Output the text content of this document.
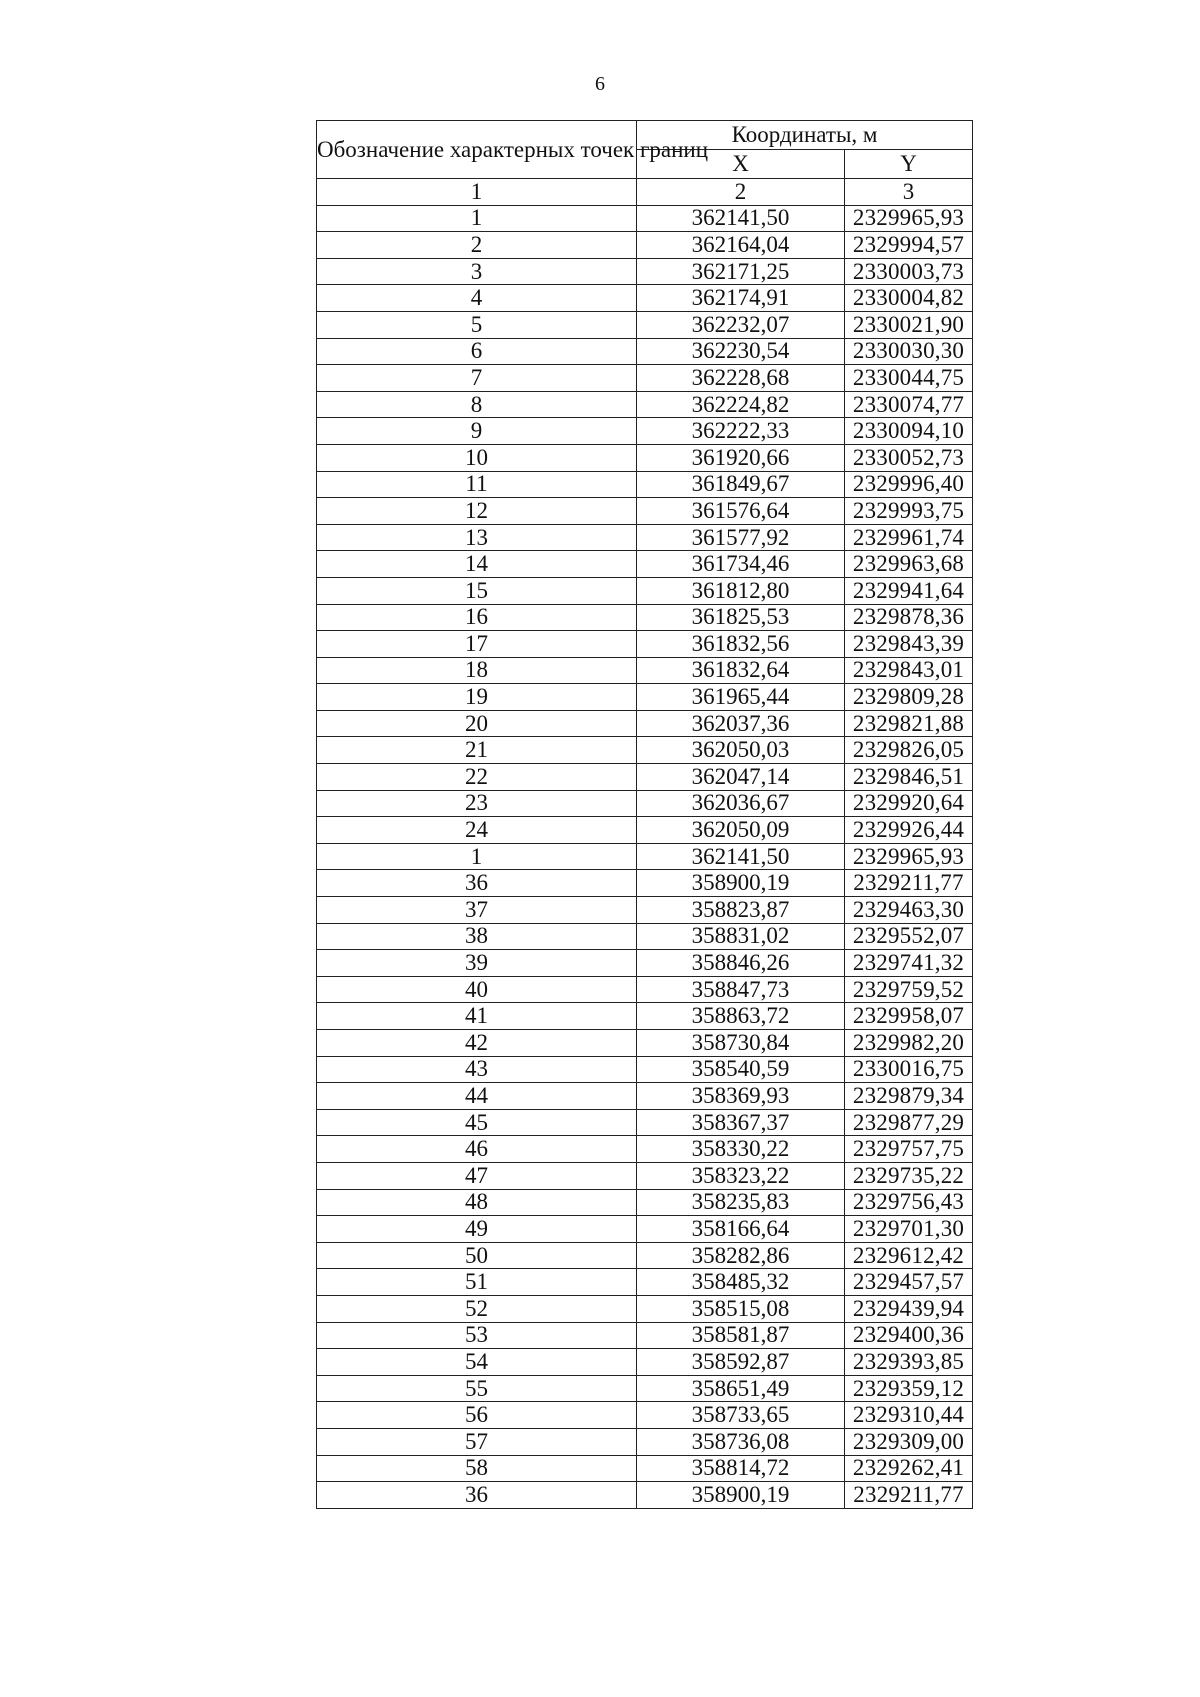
6
Обозначение характерных точек границ	Координаты, м	
	X	Y
1	2	3
1	362141,50	2329965,93
2	362164,04	2329994,57
3	362171,25	2330003,73
4	362174,91	2330004,82
5	362232,07	2330021,90
6	362230,54	2330030,30
7	362228,68	2330044,75
8	362224,82	2330074,77
9	362222,33	2330094,10
10	361920,66	2330052,73
11	361849,67	2329996,40
12	361576,64	2329993,75
13	361577,92	2329961,74
14	361734,46	2329963,68
15	361812,80	2329941,64
16	361825,53	2329878,36
17	361832,56	2329843,39
18	361832,64	2329843,01
19	361965,44	2329809,28
20	362037,36	2329821,88
21	362050,03	2329826,05
22	362047,14	2329846,51
23	362036,67	2329920,64
24	362050,09	2329926,44
1	362141,50	2329965,93
36	358900,19	2329211,77
37	358823,87	2329463,30
38	358831,02	2329552,07
39	358846,26	2329741,32
40	358847,73	2329759,52
41	358863,72	2329958,07
42	358730,84	2329982,20
43	358540,59	2330016,75
44	358369,93	2329879,34
45	358367,37	2329877,29
46	358330,22	2329757,75
47	358323,22	2329735,22
48	358235,83	2329756,43
49	358166,64	2329701,30
50	358282,86	2329612,42
51	358485,32	2329457,57
52	358515,08	2329439,94
53	358581,87	2329400,36
54	358592,87	2329393,85
55	358651,49	2329359,12
56	358733,65	2329310,44
57	358736,08	2329309,00
58	358814,72	2329262,41
36	358900,19	2329211,77
